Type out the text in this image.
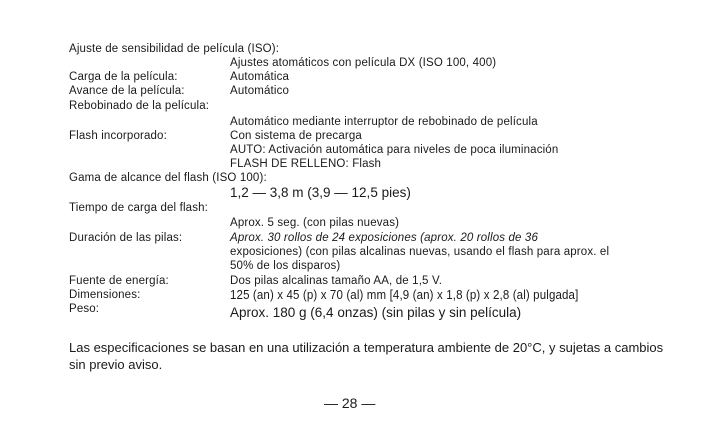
Ajuste de sensibilidad de película (ISO):
Ajustes atomáticos con película DX (ISO 100, 400)
Carga de la película:	Automática
Avance de la película:	Automático
Rebobinado de la película:
Automático mediante interruptor de rebobinado de película
Flash incorporado:	Con sistema de precarga
AUTO: Activación automática para niveles de poca iluminación
FLASH DE RELLENO: Flash
Gama de alcance del flash (ISO 100):
1,2 — 3,8 m (3,9 — 12,5 pies)
Tiempo de carga del flash:
Aprox. 5 seg. (con pilas nuevas)
Duración de las pilas:	Aprox. 30 rollos de 24 exposiciones (aprox. 20 rollos de 36
exposiciones) (con pilas alcalinas nuevas, usando el flash para aprox. el
50% de los disparos)
Fuente de energía:	Dos pilas alcalinas tamaño AA, de 1,5 V.
Dimensiones:	125 (an) x 45 (p) x 70 (al) mm [4,9 (an) x 1,8 (p) x 2,8 (al) pulgada]
Peso:	Aprox. 180 g (6,4 onzas) (sin pilas y sin película)
Las especificaciones se basan en una utilización a temperatura ambiente de 20°C, y sujetas a cambios sin previo aviso.
— 28 —
